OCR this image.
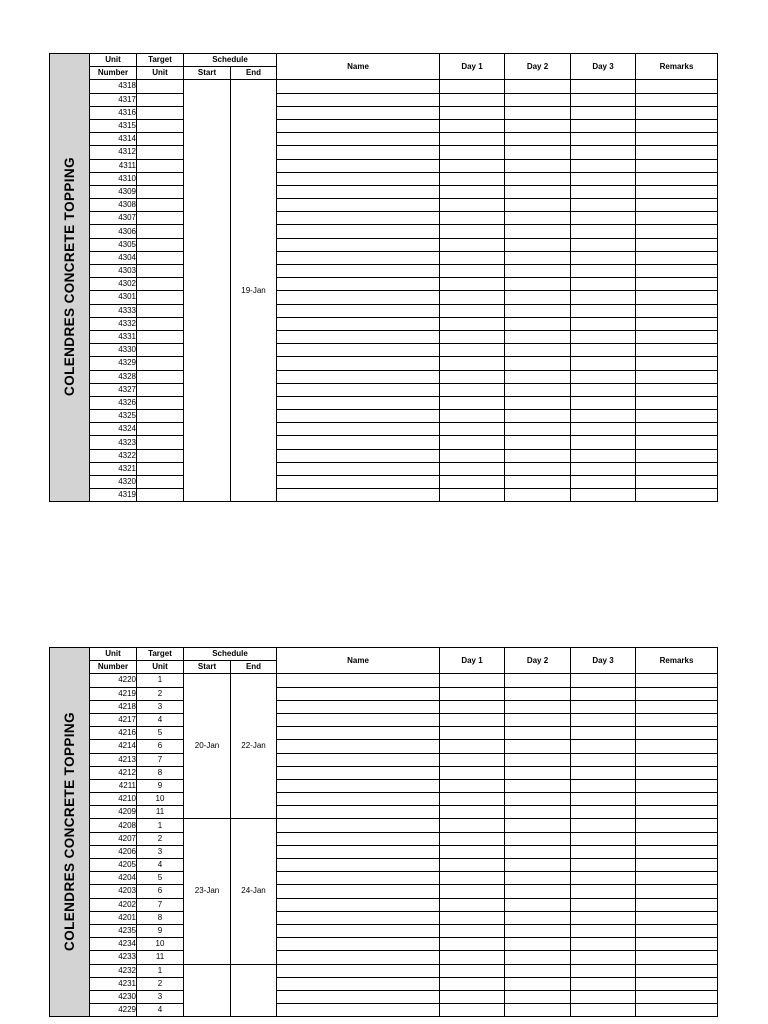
COLENDRES CONCRETE TOPPING	Unit	Target	Schedule		Name	Day 1	Day 2	Day 3	Remarks
	Number	Unit	Start	End					
	4318			19-Jan					
	4317								
	4316								
	4315								
	4314								
	4312								
	4311								
	4310								
	4309								
	4308								
	4307								
	4306								
	4305								
	4304								
	4303								
	4302								
	4301								
	4333								
	4332								
	4331								
	4330								
	4329								
	4328								
	4327								
	4326								
	4325								
	4324								
	4323								
	4322								
	4321								
	4320								
	4319								
COLENDRES CONCRETE TOPPING	Unit	Target	Schedule		Name	Day 1	Day 2	Day 3	Remarks
	Number	Unit	Start	End					
	4220	1	20-Jan	22-Jan					
	4219	2							
	4218	3							
	4217	4							
	4216	5							
	4214	6							
	4213	7							
	4212	8							
	4211	9							
	4210	10							
	4209	11							
	4208	1	23-Jan	24-Jan					
	4207	2							
	4206	3							
	4205	4							
	4204	5							
	4203	6							
	4202	7							
	4201	8							
	4235	9							
	4234	10							
	4233	11							
	4232	1							
	4231	2							
	4230	3							
	4229	4							
